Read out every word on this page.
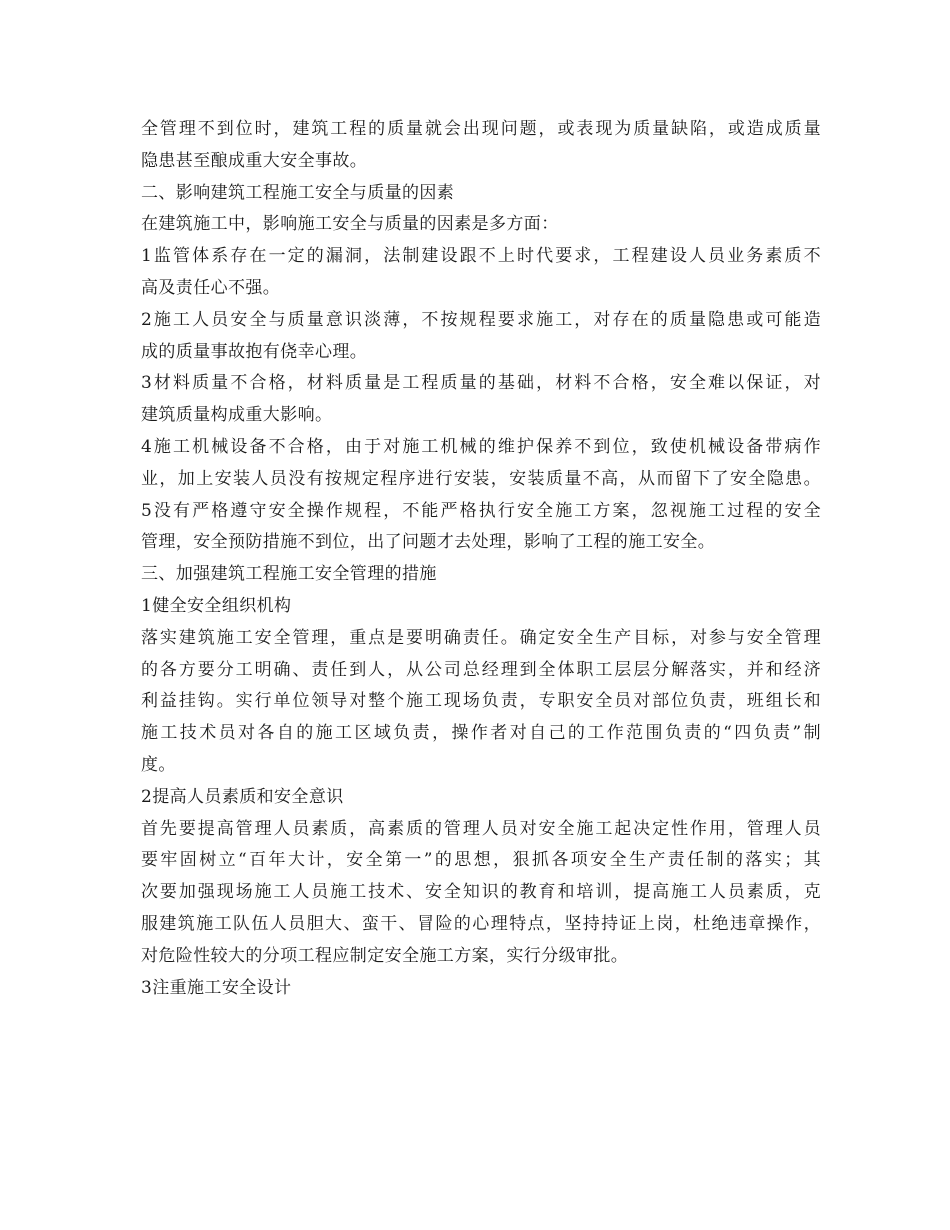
全管理不到位时，建筑工程的质量就会出现问题，或表现为质量缺陷，或造成质量
隐患甚至酿成重大安全事故。
二、影响建筑工程施工安全与质量的因素
在建筑施工中，影响施工安全与质量的因素是多方面：
1监管体系存在一定的漏洞，法制建设跟不上时代要求，工程建设人员业务素质不
高及责任心不强。
2施工人员安全与质量意识淡薄，不按规程要求施工，对存在的质量隐患或可能造
成的质量事故抱有侥幸心理。
3材料质量不合格，材料质量是工程质量的基础，材料不合格，安全难以保证，对
建筑质量构成重大影响。
4施工机械设备不合格，由于对施工机械的维护保养不到位，致使机械设备带病作
业，加上安装人员没有按规定程序进行安装，安装质量不高，从而留下了安全隐患。
5没有严格遵守安全操作规程，不能严格执行安全施工方案，忽视施工过程的安全
管理，安全预防措施不到位，出了问题才去处理，影响了工程的施工安全。
三、加强建筑工程施工安全管理的措施
1健全安全组织机构
落实建筑施工安全管理，重点是要明确责任。确定安全生产目标，对参与安全管理
的各方要分工明确、责任到人，从公司总经理到全体职工层层分解落实，并和经济
利益挂钩。实行单位领导对整个施工现场负责，专职安全员对部位负责，班组长和
施工技术员对各自的施工区域负责，操作者对自己的工作范围负责的“四负责”制
度。
2提高人员素质和安全意识
首先要提高管理人员素质，高素质的管理人员对安全施工起决定性作用，管理人员
要牢固树立“百年大计，安全第一”的思想，狠抓各项安全生产责任制的落实；其
次要加强现场施工人员施工技术、安全知识的教育和培训，提高施工人员素质，克
服建筑施工队伍人员胆大、蛮干、冒险的心理特点，坚持持证上岗，杜绝违章操作，
对危险性较大的分项工程应制定安全施工方案，实行分级审批。
3注重施工安全设计
